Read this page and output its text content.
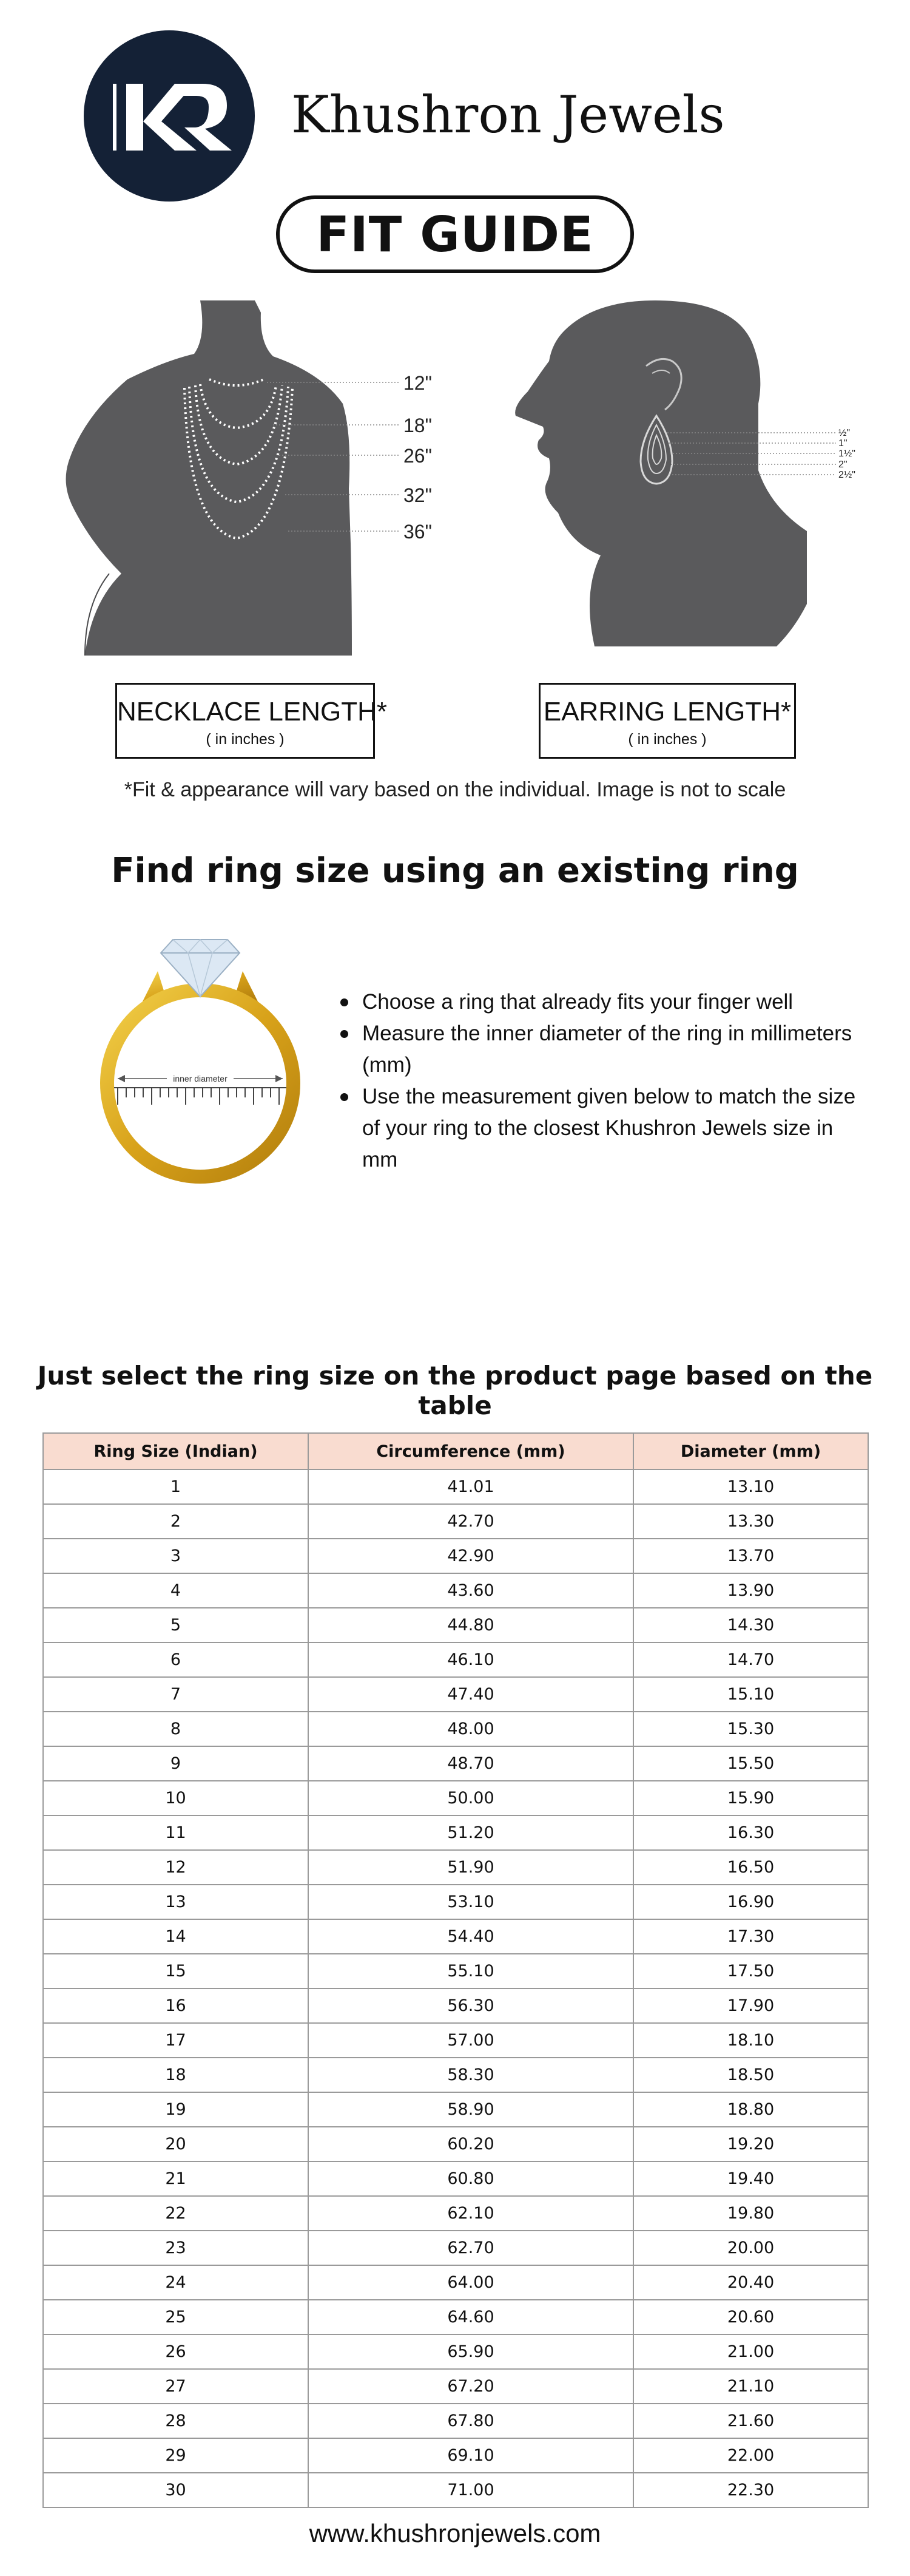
Khushron Jewels
FIT GUIDE
12"
18"
26"
32"
36"
½"
1"
1½"
2"
2½"
NECKLACE LENGTH*
( in inches )
EARRING LENGTH*
( in inches )
*Fit & appearance will vary based on the individual. Image is not to scale
Find ring size using an existing ring
inner diameter
Choose a ring that already fits your finger well
Measure the inner diameter of the ring in millimeters (mm)
Use the measurement given below to match the size of your ring to the closest Khushron Jewels size in mm
Just select the ring size on the product page based on the table
Ring Size (Indian)	Circumference (mm)	Diameter (mm)
1	41.01	13.10
2	42.70	13.30
3	42.90	13.70
4	43.60	13.90
5	44.80	14.30
6	46.10	14.70
7	47.40	15.10
8	48.00	15.30
9	48.70	15.50
10	50.00	15.90
11	51.20	16.30
12	51.90	16.50
13	53.10	16.90
14	54.40	17.30
15	55.10	17.50
16	56.30	17.90
17	57.00	18.10
18	58.30	18.50
19	58.90	18.80
20	60.20	19.20
21	60.80	19.40
22	62.10	19.80
23	62.70	20.00
24	64.00	20.40
25	64.60	20.60
26	65.90	21.00
27	67.20	21.10
28	67.80	21.60
29	69.10	22.00
30	71.00	22.30
www.khushronjewels.com
